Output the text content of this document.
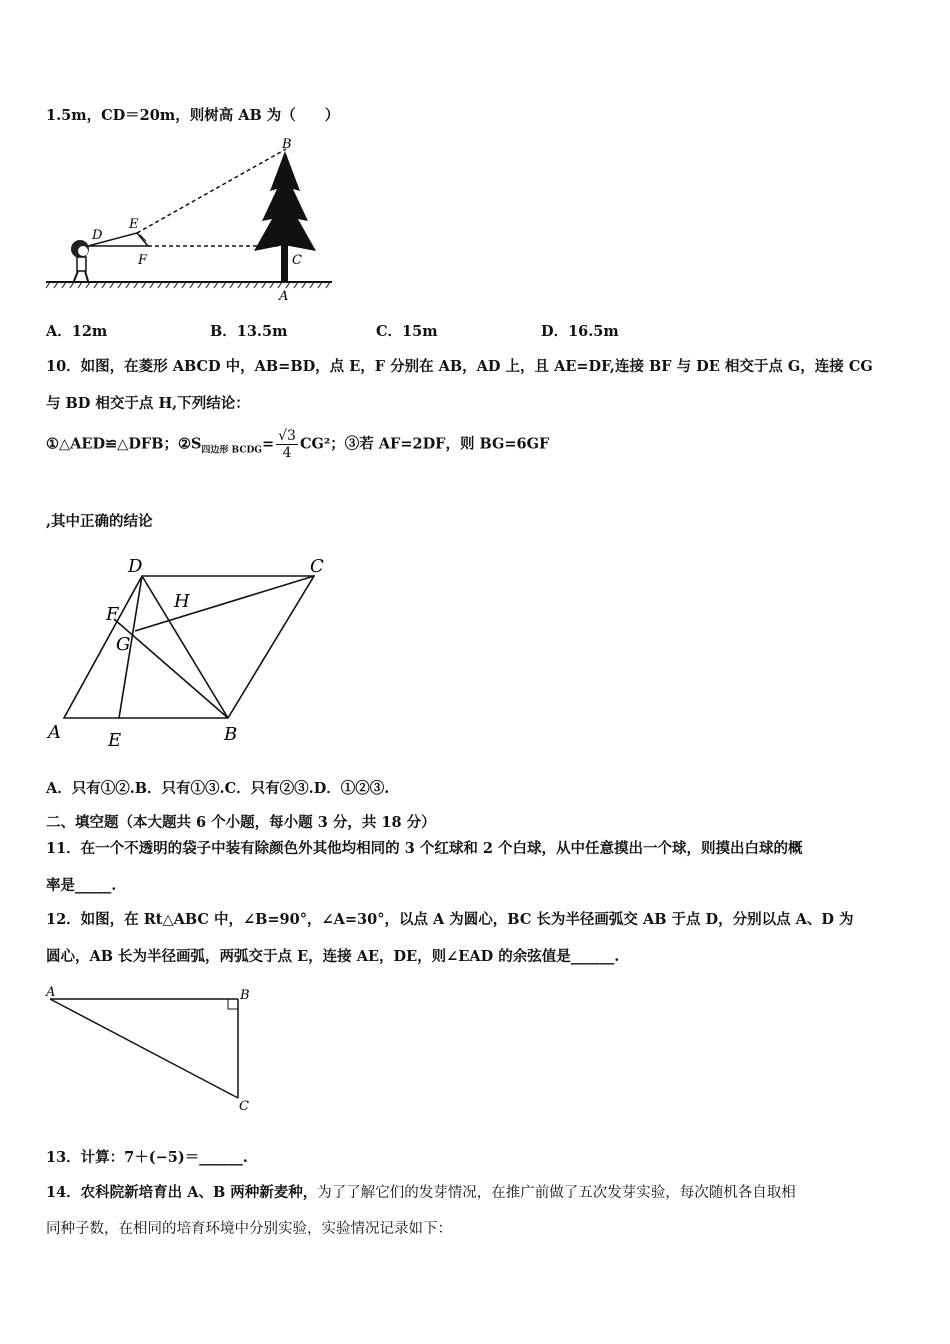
1.5m，CD＝20m，则树高 AB 为（　　）
B
E
D
F	C
A
A．12m	B．13.5m	C．15m	D．16.5m
10．如图，在菱形 ABCD 中，AB=BD，点 E，F 分别在 AB，AD 上，且 AE=DF,连接 BF 与 DE 相交于点 G，连接 CG
与 BD 相交于点 H,下列结论：
①△AED≌△DFB；$②S_{四边形 BCDG}= \frac{√3}{4} CG^2$；③若 AF=2DF，则 BG=6GF
,其中正确的结论
D	C
F
H
G
A	E	B
A．只有①②.B．只有①③.C．只有②③.D．①②③.
二、填空题（本大题共 6 个小题，每小题 3 分，共 18 分）
11．在一个不透明的袋子中装有除颜色外其他均相同的 3 个红球和 2 个白球，从中任意摸出一个球，则摸出白球的概
率是_____.
12．如图，在 Rt△ABC 中，∠B=90°，∠A=30°，以点 A 为圆心，BC 长为半径画弧交 AB 于点 D，分别以点 A、D 为
圆心，AB 长为半径画弧，两弧交于点 E，连接 AE，DE，则∠EAD 的余弦值是______.
A	B
C
13．计算：7＋(−5)＝______.
14．农科院新培育出 A、B 两种新麦种，为了了解它们的发芽情况，在推广前做了五次发芽实验，每次随机各自取相
同种子数，在相同的培育环境中分别实验，实验情况记录如下：
